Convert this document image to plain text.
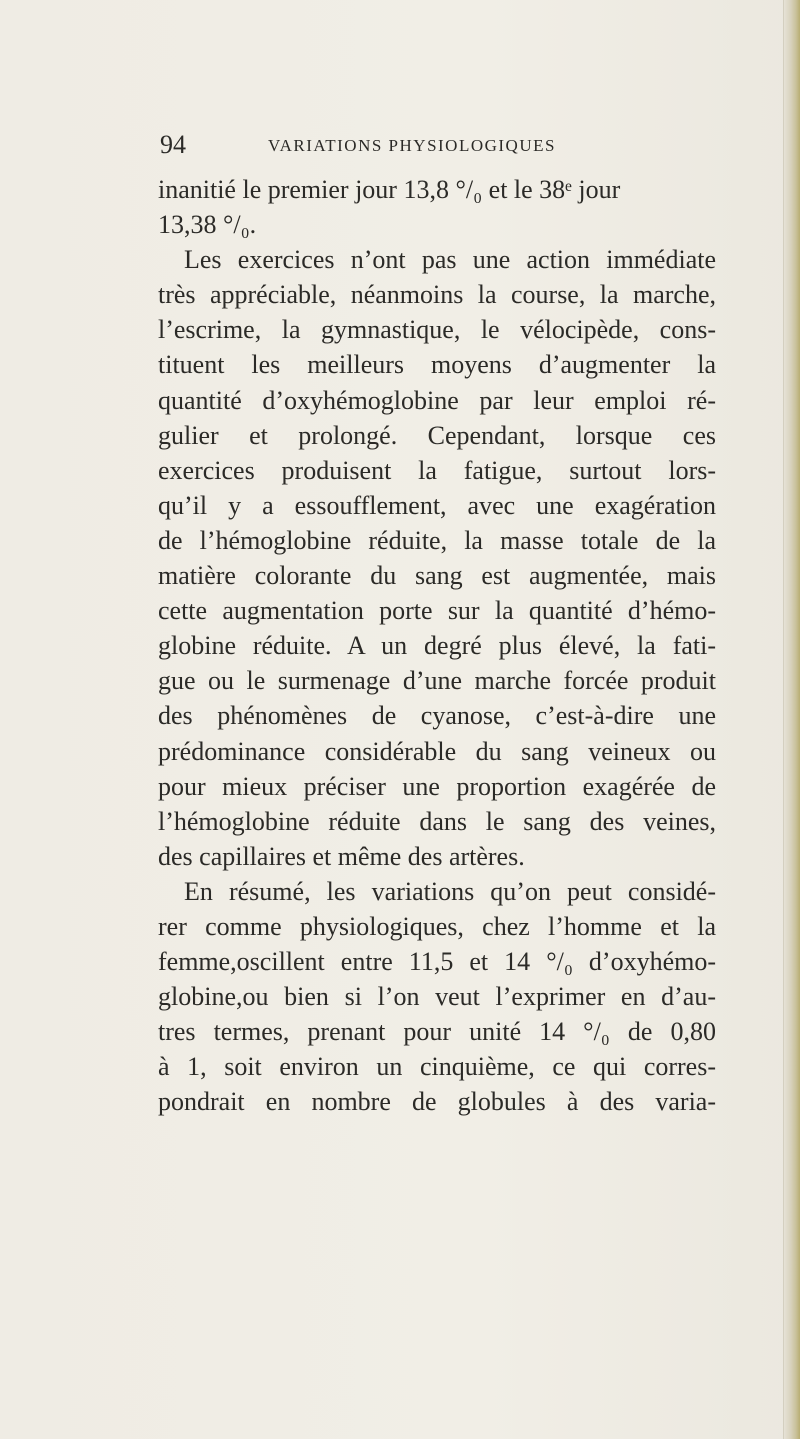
94	VARIATIONS PHYSIOLOGIQUES
inanitié le premier jour 13,8 °/₀ et le 38ᵉ jour
13,38 °/₀.
Les exercices n’ont pas une action immédiate
très appréciable, néanmoins la course, la marche,
l’escrime, la gymnastique, le vélocipède, cons-
tituent les meilleurs moyens d’augmenter la
quantité d’oxyhémoglobine par leur emploi ré-
gulier et prolongé. Cependant, lorsque ces
exercices produisent la fatigue, surtout lors-
qu’il y a essoufflement, avec une exagération
de l’hémoglobine réduite, la masse totale de la
matière colorante du sang est augmentée, mais
cette augmentation porte sur la quantité d’hémo-
globine réduite. A un degré plus élevé, la fati-
gue ou le surmenage d’une marche forcée produit
des phénomènes de cyanose, c’est-à-dire une
prédominance considérable du sang veineux ou
pour mieux préciser une proportion exagérée de
l’hémoglobine réduite dans le sang des veines,
des capillaires et même des artères.
En résumé, les variations qu’on peut considé-
rer comme physiologiques, chez l’homme et la
femme,oscillent entre 11,5 et 14 °/₀ d’oxyhémo-
globine,ou bien si l’on veut l’exprimer en d’au-
tres termes, prenant pour unité 14 °/₀ de 0,80
à 1, soit environ un cinquième, ce qui corres-
pondrait en nombre de globules à des varia-
